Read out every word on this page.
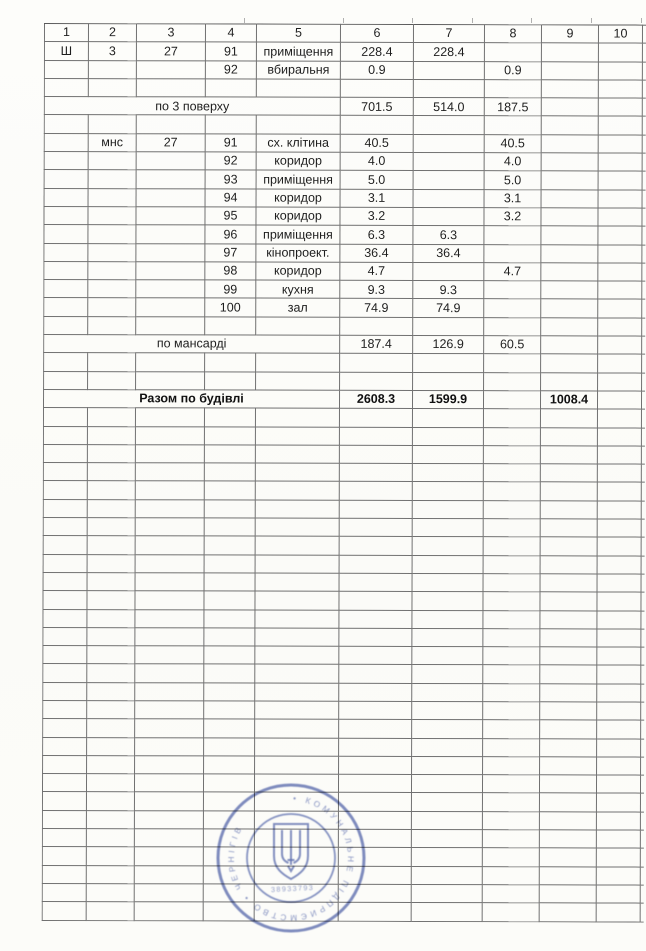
1	2	3	4	5	6	7	8	9	10	
Ш	3	27	91	приміщення	228.4	228.4				
			92	вбиральня	0.9		0.9			

по 3 поверху					701.5	514.0	187.5			

	мнс	27	91	сх. клітина	40.5		40.5			
			92	коридор	4.0		4.0			
			93	приміщення	5.0		5.0			
			94	коридор	3.1		3.1			
			95	коридор	3.2		3.2			
			96	приміщення	6.3	6.3				
			97	кінопроект.	36.4	36.4				
			98	коридор	4.7		4.7			
			99	кухня	9.3	9.3				
			100	зал	74.9	74.9				

по мансарді					187.4	126.9	60.5			

Разом по будівлі					2608.3	1599.9		1008.4		

• КОМУНАЛЬНЕ ПІДПРИЄМСТВО • ЧЕРНІГІВ
38933793
